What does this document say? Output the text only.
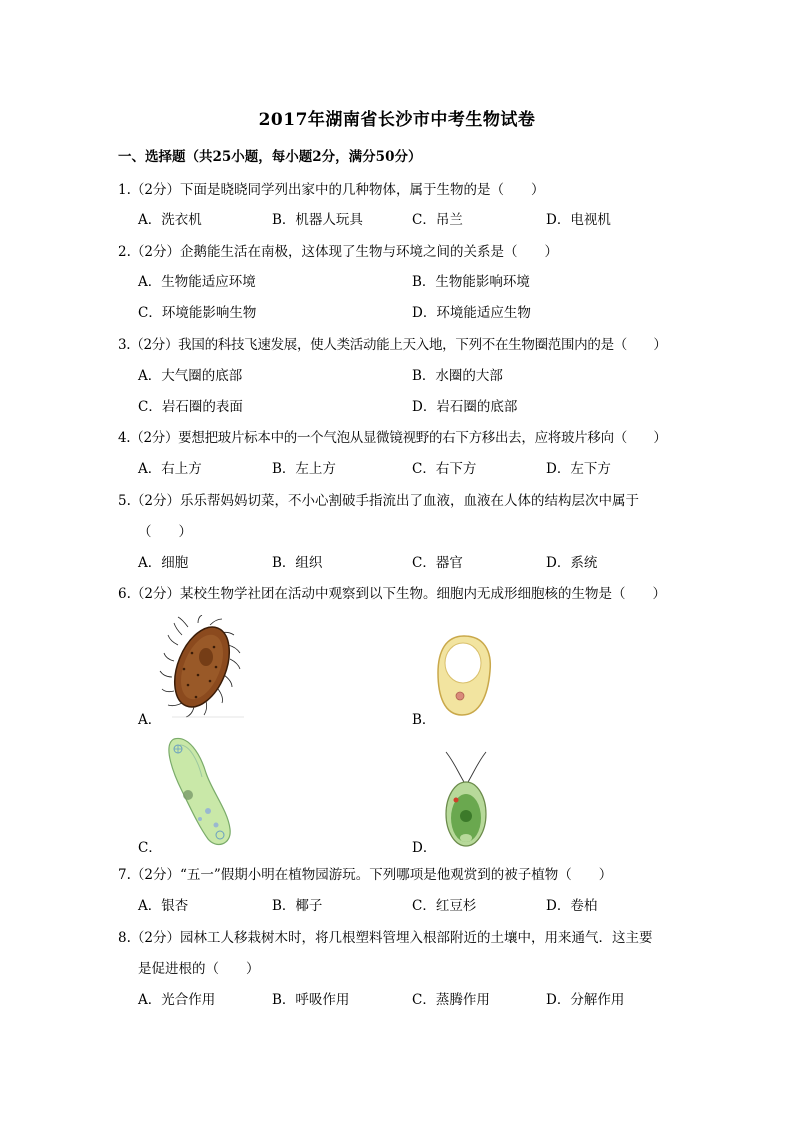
2017年湖南省长沙市中考生物试卷
一、选择题（共25小题，每小题2分，满分50分）
1.（2分）下面是晓晓同学列出家中的几种物体，属于生物的是（　　）
A．洗衣机	B．机器人玩具	C．吊兰	D．电视机
2.（2分）企鹅能生活在南极，这体现了生物与环境之间的关系是（　　）
A．生物能适应环境	B．生物能影响环境
C．环境能影响生物	D．环境能适应生物
3.（2分）我国的科技飞速发展，使人类活动能上天入地，下列不在生物圈范围内的是（　　）
A．大气圈的底部	B．水圈的大部
C．岩石圈的表面	D．岩石圈的底部
4.（2分）要想把玻片标本中的一个气泡从显微镜视野的右下方移出去，应将玻片移向（　　）
A．右上方	B．左上方	C．右下方	D．左下方
5.（2分）乐乐帮妈妈切菜，不小心割破手指流出了血液，血液在人体的结构层次中属于
（　　）
A．细胞	B．组织	C．器官	D．系统
6.（2分）某校生物学社团在活动中观察到以下生物。细胞内无成形细胞核的生物是（　　）
A．	B．
C．	D．
7.（2分）“五一”假期小明在植物园游玩。下列哪项是他观赏到的被子植物（　　）
A．银杏	B．椰子	C．红豆杉	D．卷柏
8.（2分）园林工人移栽树木时，将几根塑料管埋入根部附近的土壤中，用来通气．这主要
是促进根的（　　）
A．光合作用	B．呼吸作用	C．蒸腾作用	D．分解作用
